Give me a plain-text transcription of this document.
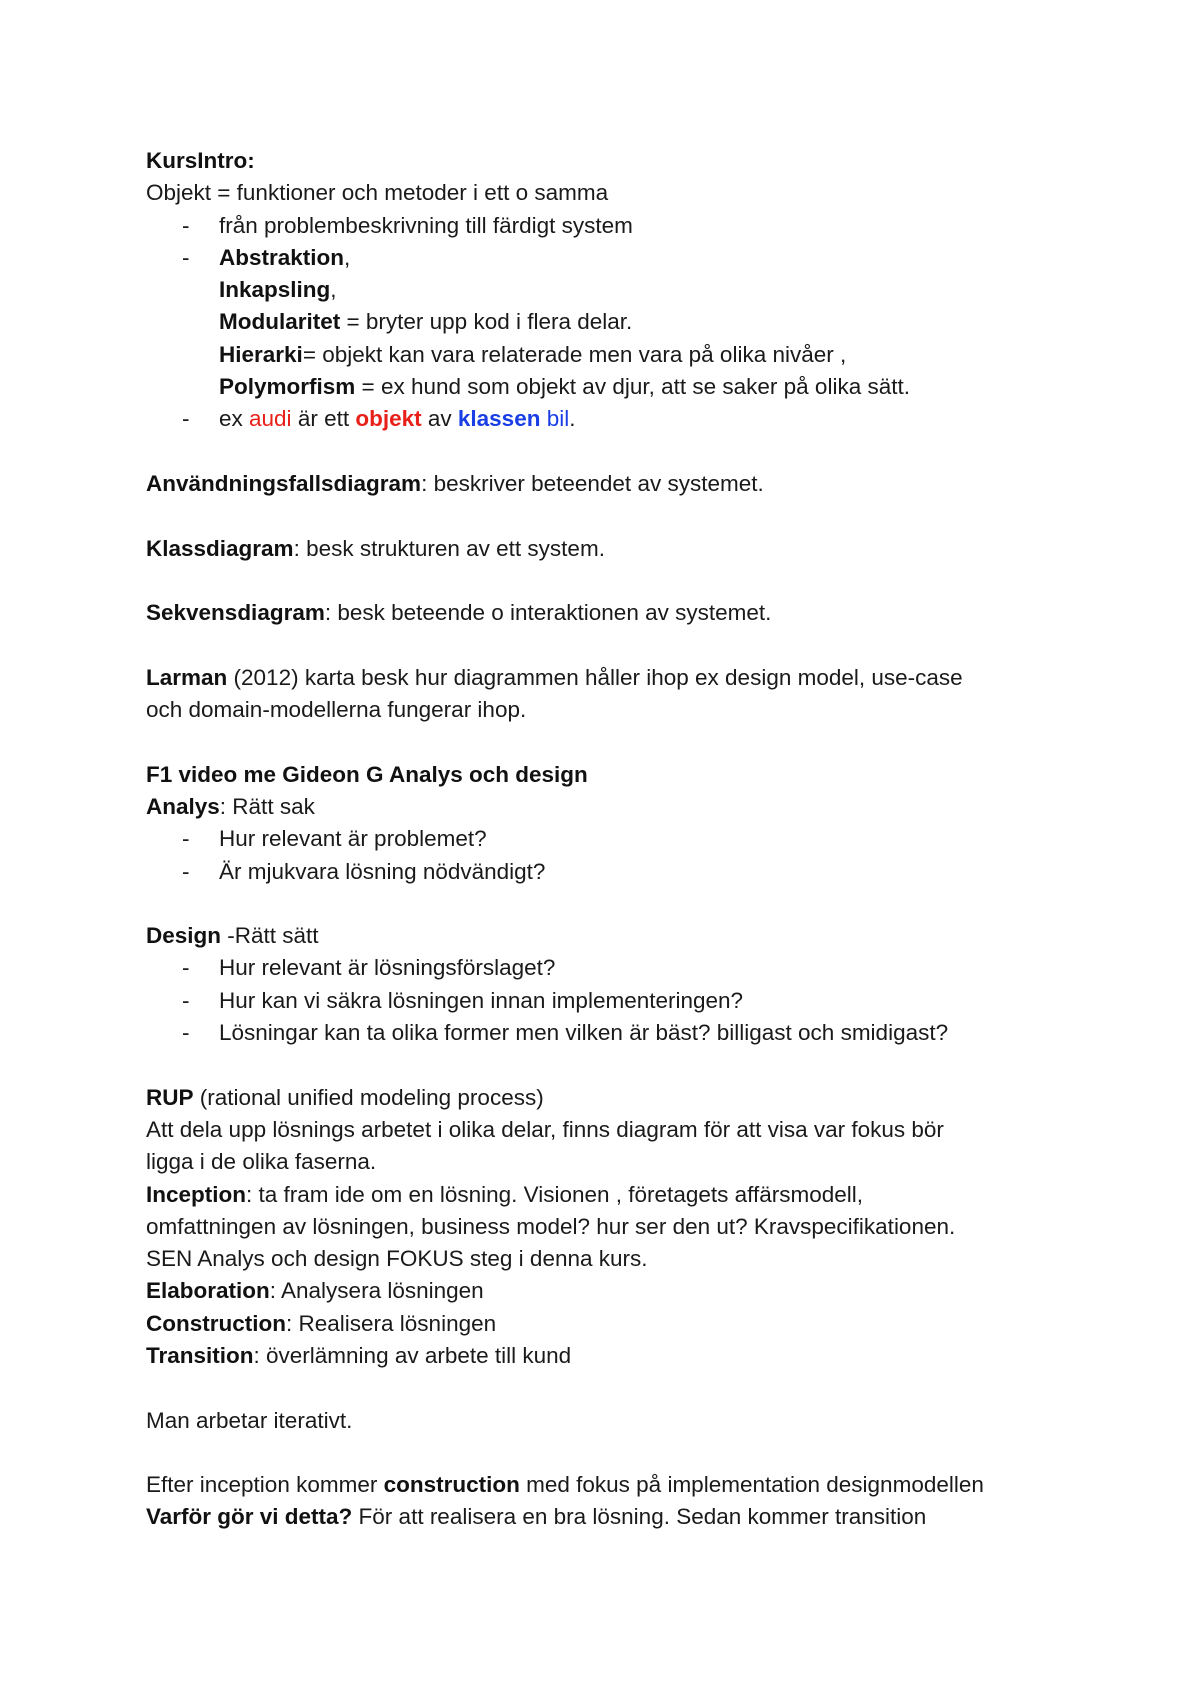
KursIntro:
Objekt = funktioner och metoder i ett o samma
- från problembeskrivning till färdigt system
- Abstraktion,
Inkapsling,
Modularitet = bryter upp kod i flera delar.
Hierarki= objekt kan vara relaterade men vara på olika nivåer ,
Polymorfism = ex hund som objekt av djur, att se saker på olika sätt.
- ex audi är ett objekt av klassen bil.
Användningsfallsdiagram: beskriver beteendet av systemet.
Klassdiagram: besk strukturen av ett system.
Sekvensdiagram: besk beteende o interaktionen av systemet.
Larman (2012) karta besk hur diagrammen håller ihop ex design model, use-case
och domain-modellerna fungerar ihop.
F1 video me Gideon G Analys och design
Analys: Rätt sak
- Hur relevant är problemet?
- Är mjukvara lösning nödvändigt?
Design -Rätt sätt
- Hur relevant är lösningsförslaget?
- Hur kan vi säkra lösningen innan implementeringen?
- Lösningar kan ta olika former men vilken är bäst? billigast och smidigast?
RUP (rational unified modeling process)
Att dela upp lösnings arbetet i olika delar, finns diagram för att visa var fokus bör
ligga i de olika faserna.
Inception: ta fram ide om en lösning. Visionen , företagets affärsmodell,
omfattningen av lösningen, business model? hur ser den ut? Kravspecifikationen.
SEN Analys och design FOKUS steg i denna kurs.
Elaboration: Analysera lösningen
Construction: Realisera lösningen
Transition: överlämning av arbete till kund
Man arbetar iterativt.
Efter inception kommer construction med fokus på implementation designmodellen
Varför gör vi detta? För att realisera en bra lösning. Sedan kommer transition
